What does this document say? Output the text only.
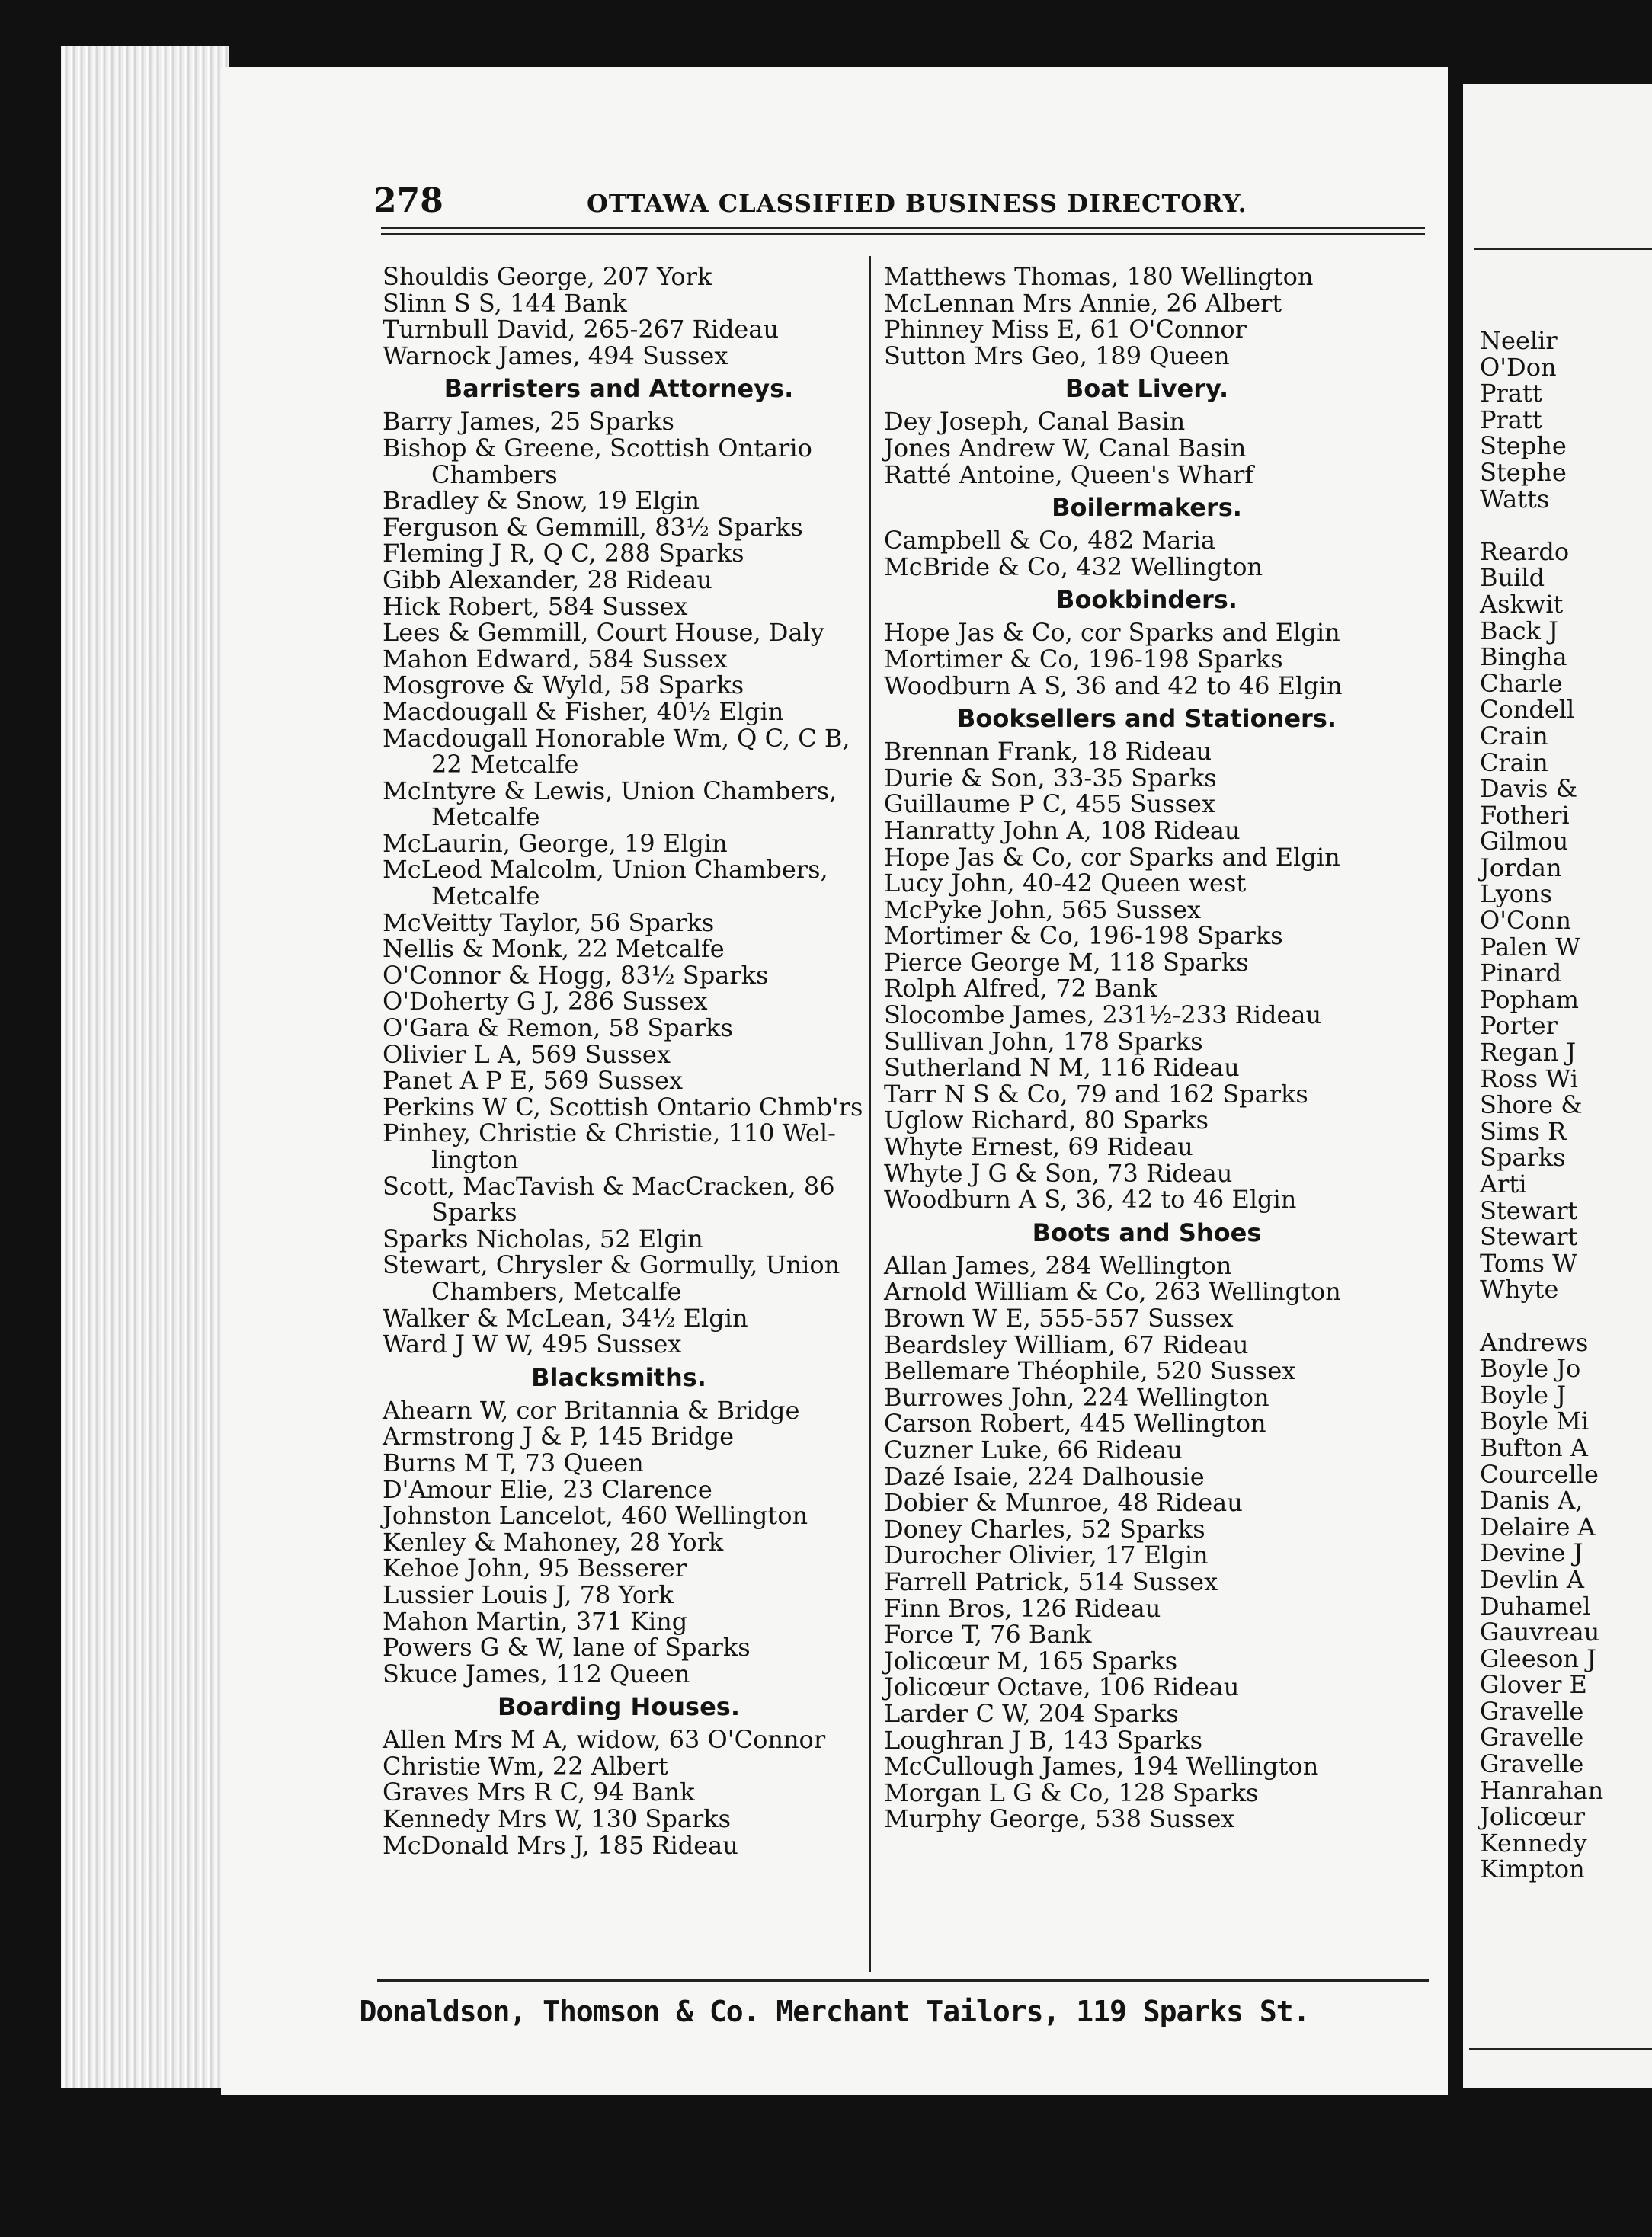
278	OTTAWA CLASSIFIED BUSINESS DIRECTORY.
Shouldis George, 207 York
Slinn S S, 144 Bank
Turnbull David, 265-267 Rideau
Warnock James, 494 Sussex
Barristers and Attorneys.
Barry James, 25 Sparks
Bishop & Greene, Scottish Ontario
Chambers
Bradley & Snow, 19 Elgin
Ferguson & Gemmill, 83½ Sparks
Fleming J R, Q C, 288 Sparks
Gibb Alexander, 28 Rideau
Hick Robert, 584 Sussex
Lees & Gemmill, Court House, Daly
Mahon Edward, 584 Sussex
Mosgrove & Wyld, 58 Sparks
Macdougall & Fisher, 40½ Elgin
Macdougall Honorable Wm, Q C, C B,
22 Metcalfe
McIntyre & Lewis, Union Chambers,
Metcalfe
McLaurin, George, 19 Elgin
McLeod Malcolm, Union Chambers,
Metcalfe
McVeitty Taylor, 56 Sparks
Nellis & Monk, 22 Metcalfe
O'Connor & Hogg, 83½ Sparks
O'Doherty G J, 286 Sussex
O'Gara & Remon, 58 Sparks
Olivier L A, 569 Sussex
Panet A P E, 569 Sussex
Perkins W C, Scottish Ontario Chmb'rs
Pinhey, Christie & Christie, 110 Wel-
lington
Scott, MacTavish & MacCracken, 86
Sparks
Sparks Nicholas, 52 Elgin
Stewart, Chrysler & Gormully, Union
Chambers, Metcalfe
Walker & McLean, 34½ Elgin
Ward J W W, 495 Sussex
Blacksmiths.
Ahearn W, cor Britannia & Bridge
Armstrong J & P, 145 Bridge
Burns M T, 73 Queen
D'Amour Elie, 23 Clarence
Johnston Lancelot, 460 Wellington
Kenley & Mahoney, 28 York
Kehoe John, 95 Besserer
Lussier Louis J, 78 York
Mahon Martin, 371 King
Powers G & W, lane of Sparks
Skuce James, 112 Queen
Boarding Houses.
Allen Mrs M A, widow, 63 O'Connor
Christie Wm, 22 Albert
Graves Mrs R C, 94 Bank
Kennedy Mrs W, 130 Sparks
McDonald Mrs J, 185 Rideau
Matthews Thomas, 180 Wellington
McLennan Mrs Annie, 26 Albert
Phinney Miss E, 61 O'Connor
Sutton Mrs Geo, 189 Queen
Boat Livery.
Dey Joseph, Canal Basin
Jones Andrew W, Canal Basin
Ratté Antoine, Queen's Wharf
Boilermakers.
Campbell & Co, 482 Maria
McBride & Co, 432 Wellington
Bookbinders.
Hope Jas & Co, cor Sparks and Elgin
Mortimer & Co, 196-198 Sparks
Woodburn A S, 36 and 42 to 46 Elgin
Booksellers and Stationers.
Brennan Frank, 18 Rideau
Durie & Son, 33-35 Sparks
Guillaume P C, 455 Sussex
Hanratty John A, 108 Rideau
Hope Jas & Co, cor Sparks and Elgin
Lucy John, 40-42 Queen west
McPyke John, 565 Sussex
Mortimer & Co, 196-198 Sparks
Pierce George M, 118 Sparks
Rolph Alfred, 72 Bank
Slocombe James, 231½-233 Rideau
Sullivan John, 178 Sparks
Sutherland N M, 116 Rideau
Tarr N S & Co, 79 and 162 Sparks
Uglow Richard, 80 Sparks
Whyte Ernest, 69 Rideau
Whyte J G & Son, 73 Rideau
Woodburn A S, 36, 42 to 46 Elgin
Boots and Shoes
Allan James, 284 Wellington
Arnold William & Co, 263 Wellington
Brown W E, 555-557 Sussex
Beardsley William, 67 Rideau
Bellemare Théophile, 520 Sussex
Burrowes John, 224 Wellington
Carson Robert, 445 Wellington
Cuzner Luke, 66 Rideau
Dazé Isaie, 224 Dalhousie
Dobier & Munroe, 48 Rideau
Doney Charles, 52 Sparks
Durocher Olivier, 17 Elgin
Farrell Patrick, 514 Sussex
Finn Bros, 126 Rideau
Force T, 76 Bank
Jolicœur M, 165 Sparks
Jolicœur Octave, 106 Rideau
Larder C W, 204 Sparks
Loughran J B, 143 Sparks
McCullough James, 194 Wellington
Morgan L G & Co, 128 Sparks
Murphy George, 538 Sussex
Donaldson, Thomson & Co. Merchant Tailors, 119 Sparks St.
Neelir
O'Don
Pratt
Pratt
Stephe
Stephe
Watts

Reardo
Build
Askwit
Back J
Bingha
Charle
Condell
Crain
Crain
Davis &
Fotheri
Gilmou
Jordan
Lyons
O'Conn
Palen W
Pinard
Popham
Porter
Regan J
Ross Wi
Shore &
Sims R
Sparks
Arti
Stewart
Stewart
Toms W
Whyte

Andrews
Boyle Jo
Boyle J
Boyle Mi
Bufton A
Courcelle
Danis A,
Delaire A
Devine J
Devlin A
Duhamel
Gauvreau
Gleeson J
Glover E
Gravelle
Gravelle
Gravelle
Hanrahan
Jolicœur
Kennedy
Kimpton
